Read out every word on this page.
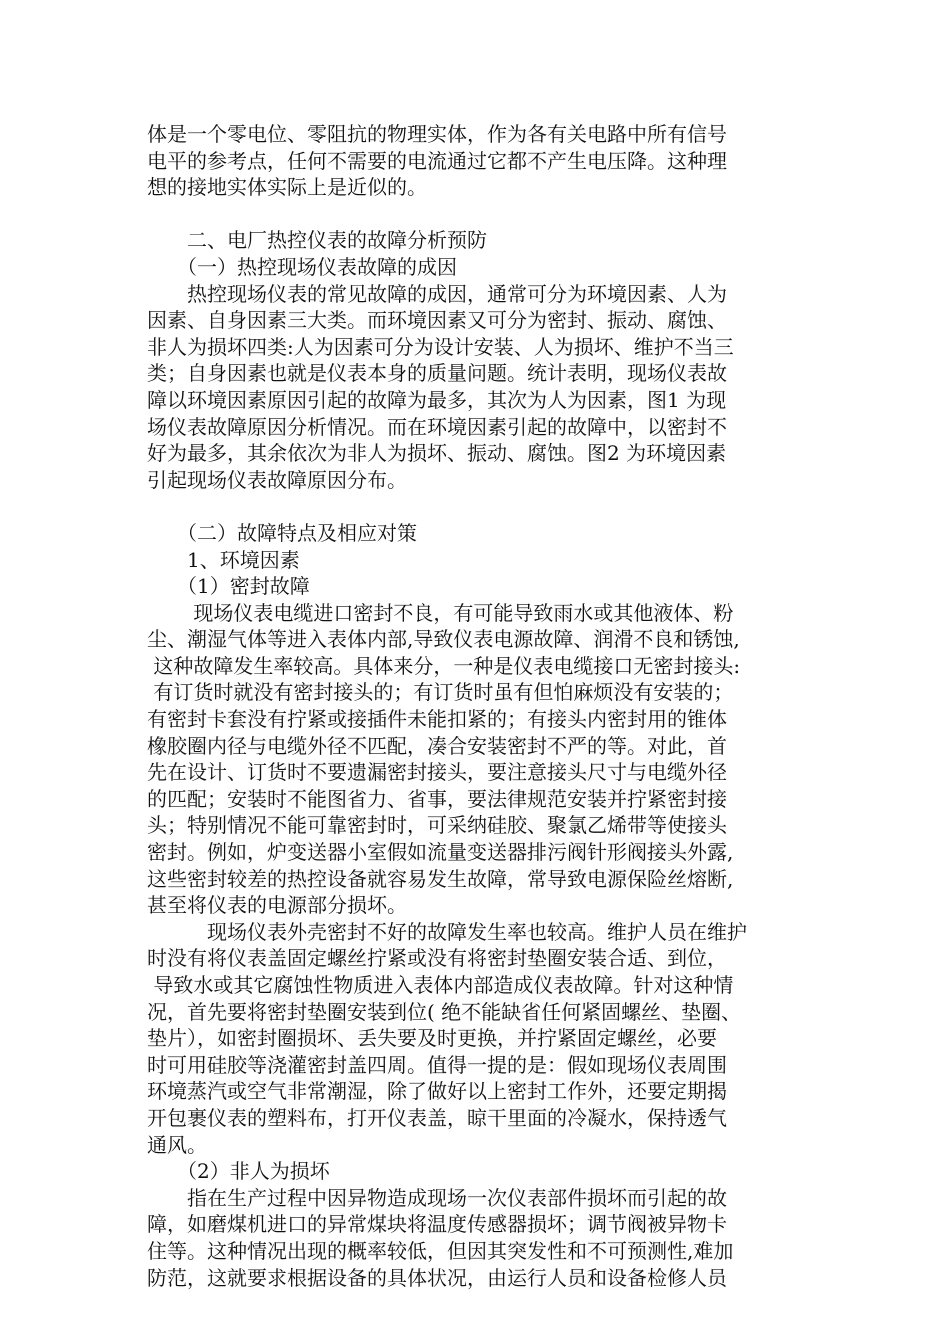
体是一个零电位、零阻抗的物理实体，作为各有关电路中所有信号
电平的参考点，任何不需要的电流通过它都不产生电压降。这种理
想的接地实体实际上是近似的。
　　二、电厂热控仪表的故障分析预防
　　（一）热控现场仪表故障的成因
　　热控现场仪表的常见故障的成因，通常可分为环境因素、人为
因素、自身因素三大类。而环境因素又可分为密封、振动、腐蚀、
非人为损坏四类:人为因素可分为设计安装、人为损坏、维护不当三
类；自身因素也就是仪表本身的质量问题。统计表明，现场仪表故
障以环境因素原因引起的故障为最多，其次为人为因素，图1 为现
场仪表故障原因分析情况。而在环境因素引起的故障中，以密封不
好为最多，其余依次为非人为损坏、振动、腐蚀。图2 为环境因素
引起现场仪表故障原因分布。
　　（二）故障特点及相应对策
　　1、环境因素
　　（1）密封故障
　　 现场仪表电缆进口密封不良，有可能导致雨水或其他液体、粉
尘、潮湿气体等进入表体内部,导致仪表电源故障、润滑不良和锈蚀,
这种故障发生率较高。具体来分，一种是仪表电缆接口无密封接头:
有订货时就没有密封接头的；有订货时虽有但怕麻烦没有安装的；
有密封卡套没有拧紧或接插件未能扣紧的；有接头内密封用的锥体
橡胶圈内径与电缆外径不匹配，凑合安装密封不严的等。对此，首
先在设计、订货时不要遗漏密封接头，要注意接头尺寸与电缆外径
的匹配；安装时不能图省力、省事，要法律规范安装并拧紧密封接
头；特别情况不能可靠密封时，可采纳硅胶、聚氯乙烯带等使接头
密封。例如，炉变送器小室假如流量变送器排污阀针形阀接头外露,
这些密封较差的热控设备就容易发生故障，常导致电源保险丝熔断,
甚至将仪表的电源部分损坏。
　　　现场仪表外壳密封不好的故障发生率也较高。维护人员在维护
时没有将仪表盖固定螺丝拧紧或没有将密封垫圈安装合适、到位，
导致水或其它腐蚀性物质进入表体内部造成仪表故障。针对这种情
况，首先要将密封垫圈安装到位( 绝不能缺省任何紧固螺丝、垫圈、
垫片），如密封圈损坏、丢失要及时更换，并拧紧固定螺丝，必要
时可用硅胶等浇灌密封盖四周。值得一提的是：假如现场仪表周围
环境蒸汽或空气非常潮湿，除了做好以上密封工作外，还要定期揭
开包裹仪表的塑料布，打开仪表盖，晾干里面的冷凝水，保持透气
通风。
　　（2）非人为损坏
　　指在生产过程中因异物造成现场一次仪表部件损坏而引起的故
障，如磨煤机进口的异常煤块将温度传感器损坏；调节阀被异物卡
住等。这种情况出现的概率较低，但因其突发性和不可预测性,难加
防范，这就要求根据设备的具体状况，由运行人员和设备检修人员
